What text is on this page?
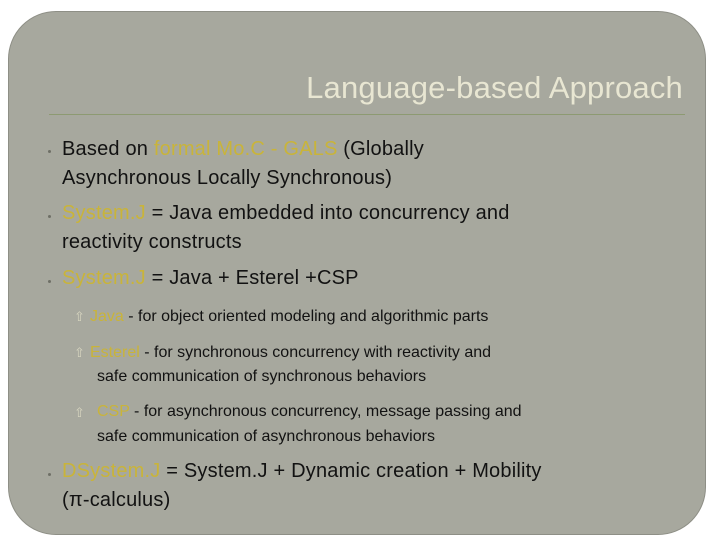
Language-based Approach
Based on formal Mo.C - GALS (Globally
Asynchronous Locally Synchronous)
System.J = Java embedded into concurrency and
reactivity constructs
System.J = Java + Esterel +CSP
⇧ Java - for object oriented modeling and algorithmic parts
⇧ Esterel - for synchronous concurrency with reactivity and
safe communication of synchronous behaviors
⇧ CSP - for asynchronous concurrency, message passing and
safe communication of asynchronous behaviors
DSystem.J = System.J + Dynamic creation + Mobility
(π-calculus)
